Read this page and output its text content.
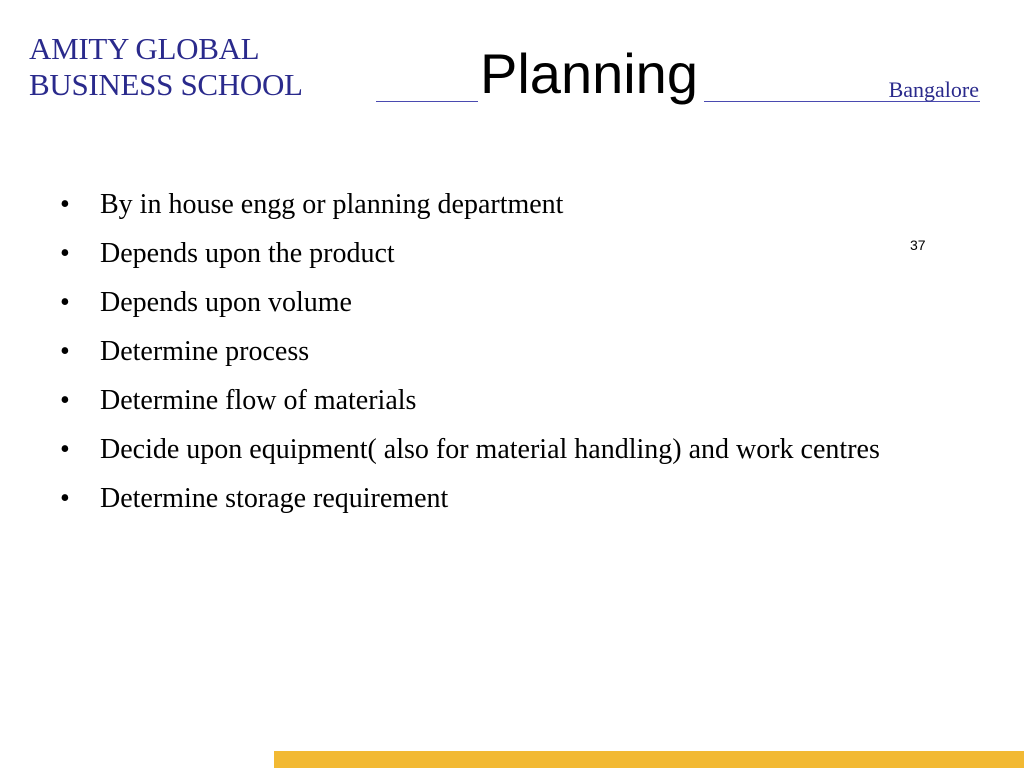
AMITY GLOBAL
BUSINESS SCHOOL	Planning	Bangalore
37
• By in house engg or planning department
• Depends upon the product
• Depends upon volume
• Determine process
• Determine flow of materials
• Decide upon equipment( also for material handling) and work centres
• Determine storage requirement
